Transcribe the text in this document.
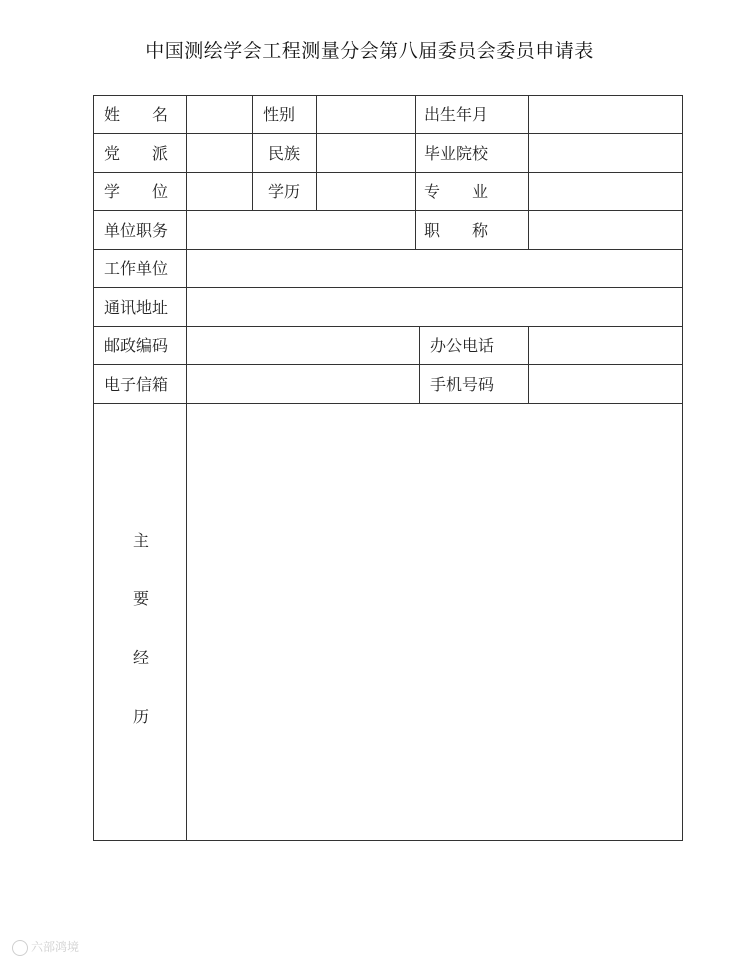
中国测绘学会工程测量分会第八届委员会委员申请表
姓　　名	性别	出生年月
党　　派	民族	毕业院校
学　　位	学历	专　　业
单位职务	职　　称
工作单位
通讯地址
邮政编码	办公电话
电子信箱	手机号码
主
要
经
历
六部鸿境
